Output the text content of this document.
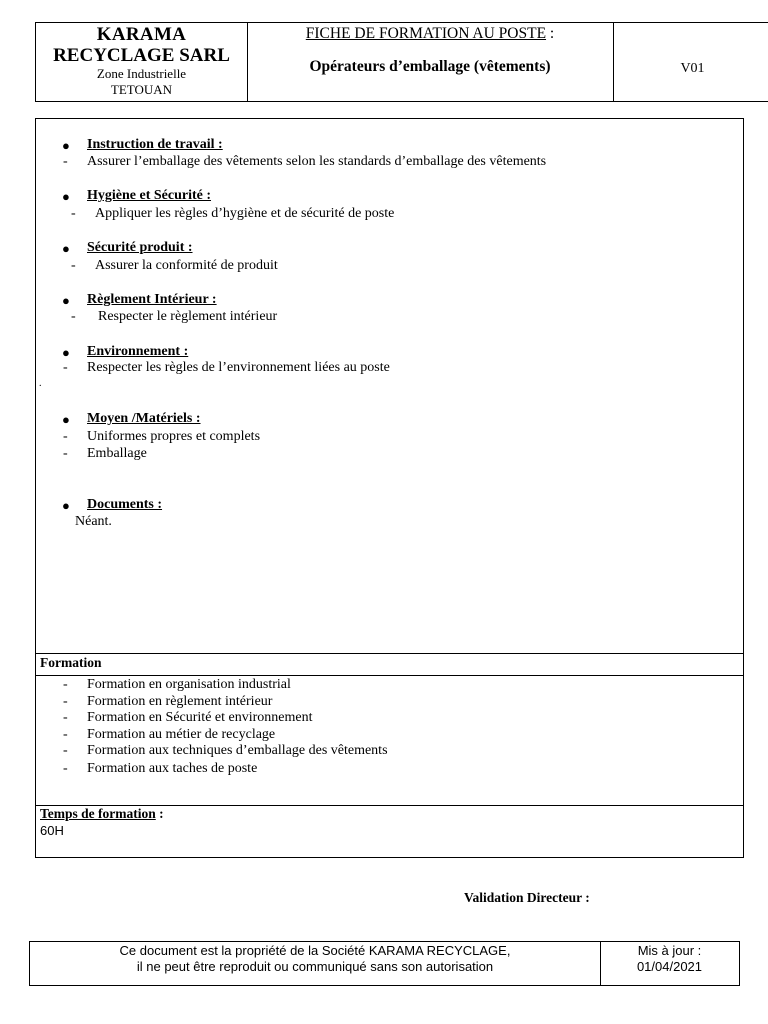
KARAMA
RECYCLAGE SARL
Zone Industrielle
TETOUAN
FICHE DE FORMATION AU POSTE :
Opérateurs d’emballage (vêtements)	V01
● Instruction de travail :
- Assurer l’emballage des vêtements selon les standards d’emballage des vêtements
● Hygiène et Sécurité :
- Appliquer les règles d’hygiène et de sécurité de poste
● Sécurité produit :
- Assurer la conformité de produit
● Règlement Intérieur :
- Respecter le règlement intérieur
● Environnement :
- Respecter les règles de l’environnement liées au poste
.
● Moyen /Matériels :
- Uniformes propres et complets
- Emballage
● Documents :
Néant.
Formation
- Formation en organisation industrial
- Formation en règlement intérieur
- Formation en Sécurité et environnement
- Formation au métier de recyclage
- Formation aux techniques d’emballage des vêtements
- Formation aux taches de poste
Temps de formation :
60H
Validation Directeur :
Ce document est la propriété de la Société KARAMA RECYCLAGE,
il ne peut être reproduit ou communiqué sans son autorisation
Mis à jour :
01/04/2021
